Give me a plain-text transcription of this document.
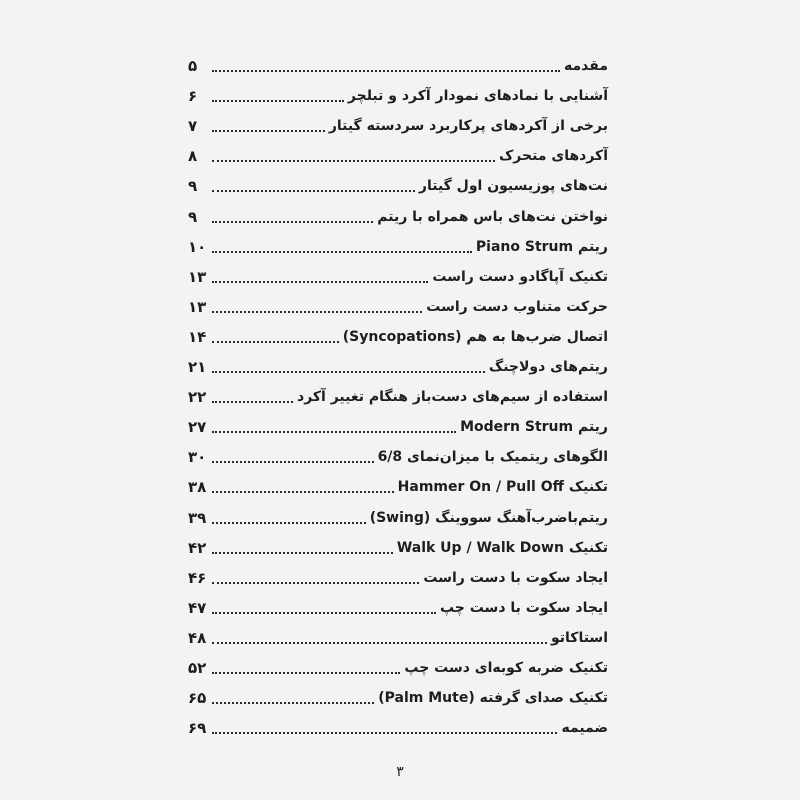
مقدمه
۵
آشنایی با نمادهای نمودار آکرد و تبلچر
۶
برخی از آکردهای پرکاربرد سردسته گیتار
۷
آکردهای متحرک
۸
نت‌های پوزیسیون اول گیتار
۹
نواختن نت‌های باس همراه با ریتم
۹
ریتم Piano Strum
۱۰
تکنیک آپاگادو دست راست
۱۳
حرکت متناوب دست راست
۱۳
اتصال ضرب‌ها به هم (Syncopations)
۱۴
ریتم‌های دولاچنگ
۲۱
استفاده از سیم‌های دست‌باز هنگام تغییر آکرد
۲۲
ریتم Modern Strum
۲۷
الگوهای ریتمیک با میزان‌نمای 6/8
۳۰
تکنیک Hammer On / Pull Off
۳۸
ریتم‌باضرب‌آهنگ سووینگ (Swing)
۳۹
تکنیک Walk Up / Walk Down
۴۲
ایجاد سکوت با دست راست
۴۶
ایجاد سکوت با دست چپ
۴۷
استاکاتو
۴۸
تکنیک ضربه کوبه‌ای دست چپ
۵۲
تکنیک صدای گرفته (Palm Mute)
۶۵
ضمیمه
۶۹
۳
